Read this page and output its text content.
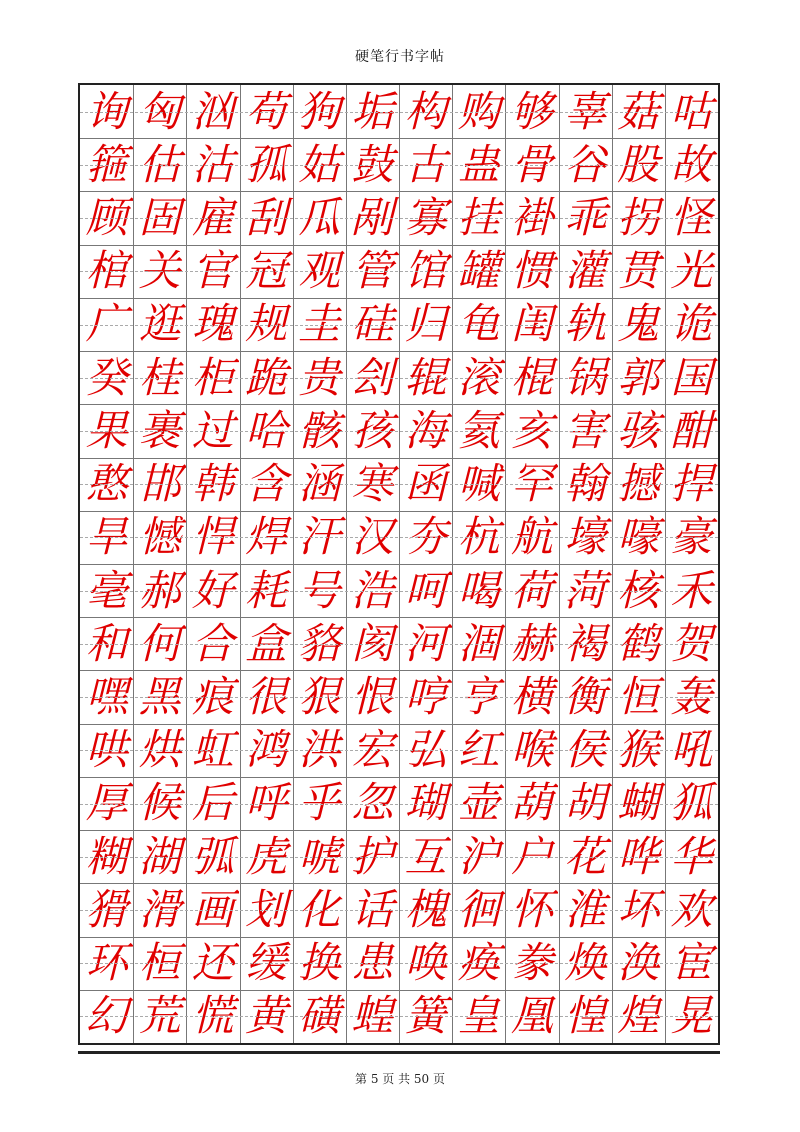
硬笔行书字帖
询 匈 汹 苟 狗 垢 构 购 够 辜 菇 咕
箍 估 沽 孤 姑 鼓 古 蛊 骨 谷 股 故
顾 固 雇 刮 瓜 剐 寡 挂 褂 乖 拐 怪
棺 关 官 冠 观 管 馆 罐 惯 灌 贯 光
广 逛 瑰 规 圭 硅 归 龟 闺 轨 鬼 诡
癸 桂 柜 跪 贵 刽 辊 滚 棍 锅 郭 国
果 裹 过 哈 骸 孩 海 氦 亥 害 骇 酣
憨 邯 韩 含 涵 寒 函 喊 罕 翰 撼 捍
旱 憾 悍 焊 汗 汉 夯 杭 航 壕 嚎 豪
毫 郝 好 耗 号 浩 呵 喝 荷 菏 核 禾
和 何 合 盒 貉 阂 河 涸 赫 褐 鹤 贺
嘿 黑 痕 很 狠 恨 哼 亨 横 衡 恒 轰
哄 烘 虹 鸿 洪 宏 弘 红 喉 侯 猴 吼
厚 候 后 呼 乎 忽 瑚 壶 葫 胡 蝴 狐
糊 湖 弧 虎 唬 护 互 沪 户 花 哗 华
猾 滑 画 划 化 话 槐 徊 怀 淮 坏 欢
环 桓 还 缓 换 患 唤 痪 豢 焕 涣 宦
幻 荒 慌 黄 磺 蝗 簧 皇 凰 惶 煌 晃
第 5 页 共 50 页
